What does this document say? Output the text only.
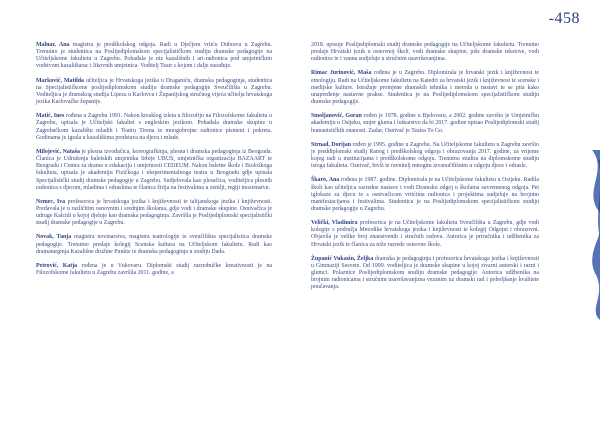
-458

Malnar, Ana magistra je predškolskog odgoja. Radi u Dječjem vrtiću Dubrava u Zagrebu. Trenutno je studentica na Poslijediplomskom specijalističkom studiju dramske pedagogije na Učiteljskome fakultetu u Zagrebu. Pohađala je niz kazališnih i art-radionica pod umjetničkim vodstvom kazalištarac i likovnih umjetnica. Voditelj Teatr s kojom i dalje surađuje.

Marković, Matilda učiteljica je Hrvatskoga jezika u Draganiću, dramska pedagoginja, studentica na Specijalističkome poslijediplomskom studiju dramske pedagogije Sveučilišta u Zagrebu. Voditeljica je dramskog studija Lipeza u Karlovcu i Županijskog stručnog vijeća učitelja hrvatskoga jezika Karlovačke županije.

Matić, Ines rođena u Zagrebu 1991. Nakon kreaklog izleta u filozofiju na Filozofskome fakultetu u Zagrebu, upisala je Učiteljski fakultet s engleskim jezikom. Pohađala dramske skupine u Zagrebačkom kazalištu mladih i Teatru Tirena te mnogobrojne radionice pismeni i pokreta. Godinama je igrala u kazalištima predstava na djecu i mlade.

Milojević, Nataša je plesna izvođačica, koreografkinja, plesna i dramska pedagoginja iz Beograda. Članica je Udruženja baletskih umjetnika Srbije UBUS, umjetnička organizacija BAZAART te Beogradu i Centra za drama u edukaciju i umjetnosti CEDEUM. Nakon baletne škole i Biološkoga fakulteta, upisala je akademiju Fizičkoga i eksperimentalnoga teatra u Beogradu gdje upisala Specijalistički studij dramske pedagogije u Zagrebu. Sudjelovala kao plesačica, voditeljica plesnih radionica s djecom, mladima i odraslima te članica žirija na festivalima u zemlji, regiji inozemstvu.

Nemec, Iva profesorica je hrvatskoga jezika i književnosti te talijanskoga jezika i književnosti. Predavala je u različitim osnovnim i srednjim školama, gdje vodi i dramske skupine. Osnivačica je udruge Kalcidi u kojoj djeluje kao dramska pedagoginja. Završila je Poslijediplomski specijalistički studij dramske pedagogije u Zagrebu.

Novak, Tanja magistra novinarstva, magistra teatrologije te sveučilišna specijalistica dramske pedagogije. Trenutno predaje kolegij Scenska kultura na Učiteljskom fakultetu. Radi kao dramaturginja Kazališne družine Punkte te dramska pedagoginja u studiju Dada.

Petrović, Katja rođena je u Vukovaru. Diplomski studij razredničke kreativnosti je na Filozofskome fakultetu u Zagrebu završila 2011. godine, a

2018. upisuje Poslijediplomski studij dramske pedagogije na Učiteljskome fakultetu. Trenutno predaje Hrvatski jezik u osnovnoj školi, vodi dramske skupine, piše dramske tekstove, vodi radionice te i vanna sudjeluje u stručnim usavršavanjima.

Rimac Jurinović, Maša rođena je u Zagrebu. Diplomirala je hrvatski jezik i književnost te etnologiju. Radi na Učiteljskome fakultetu na Katedri za hrvatski jezik i književnost te scenske i medijske kulture. Istražuje promjene dramskih tehnika i metoda u nastavi te se pita kako unapređenje nastavne prakse. Studentica je na Poslijediplomskom specijalističkom studiju dramske pedagogije.

Smoljanović, Goran rođen je 1978. godine u Bjelovaru, a 2002. godine završio je Umjetničku akademiju u Osijeku, smjer gluma i lutkarstvo da bi 2017. godine upisao Poslijediplomski studij humanističkih znanosti. Zadar, Osnivač je Teatra To Go.

Strnad, Dorijan rođen je 1995. godine u Zagrebu. Na Učiteljskome fakultetu u Zagrebu završio je preddiplomski studij Ranog i predškolskog odgoja i obrazovanja 2017. godine, za vrijeme kojeg radi u institucijama i predškolskome odgoju. Trenutno studira na diplomskome studiju istoga fakulteta. Osnivač, bivši te ravnitelj mnogim izvanučilišnim u odgoju djece i odrasle.

Škaro, Ana rođena je 1987. godine. Diplomirala je na Učiteljskome fakultetu u Osijeku. Radila školi kao učiteljica razredne nastave i vodi Dramsku odgoj u školama suvremenog odgoja. Pet iglokaze za djecu te s osnivačicom vrtićima radionica i projektima sudjeluje na brojnim manifestacijama i festivalima. Studentica je na Poslijediplomskom specijalističkom studiju dramske pedagogije u Zagrebu.

Velički, Vladimira profesorica je na Učiteljskome fakultetu Sveučilišta u Zagrebu, gdje vodi kolegije s područja Metodike hrvatskoga jezika i književnosti te kolegij Odgojni i obrazovni. Objavila je velike broj znanstvenih i stručnih radova. Autorica je priručnika i udžbenika za Hrvatski jezik te članica za niže razrede osnovne škole.

Županić Vukasin, Željka dramska je pedagoginja i profesorica hrvatskoga jezika i književnosti u Gimnaziji Sesvete. Od 1999. voditeljica je dramske skupine u kojoj stvarni autorski i razni i glumci. Polaznice Poslijediplomskom studiju dramske pedagogije. Autorica udžbenika na brojnim radionicama i stručnim usavršavanjima vezanim uz dramski rad i poboljšanje kvalitete poučavanja.
